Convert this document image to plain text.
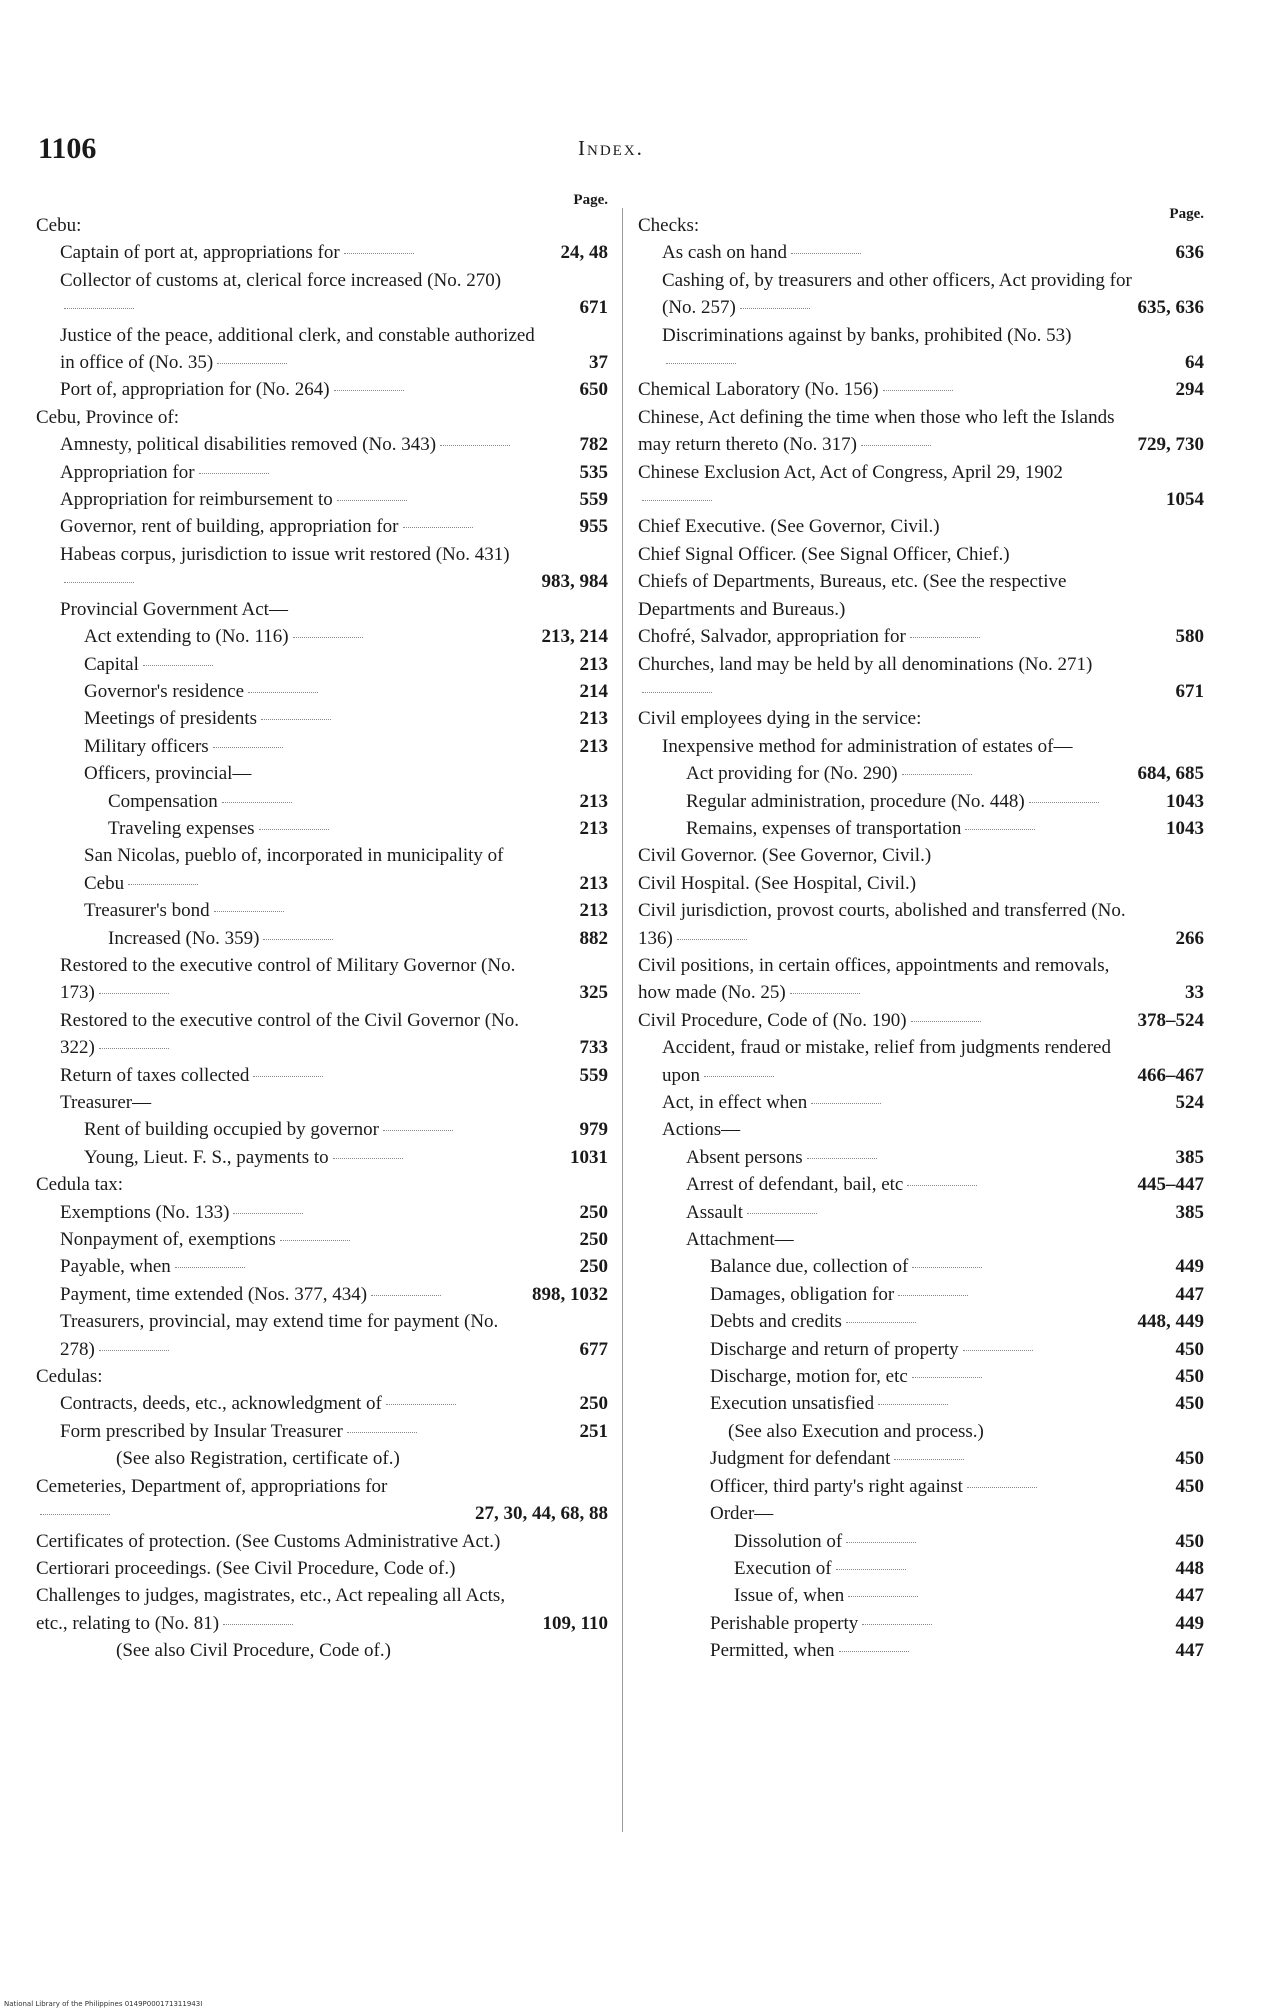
1106	Index.
Page.
Cebu:
Captain of port at, appropriations for	24, 48
Collector of customs at, clerical force increased (No. 270)
671
Justice of the peace, additional clerk, and constable authorized in office of (No. 35)	37
Port of, appropriation for (No. 264)	650
Cebu, Province of:
Amnesty, political disabilities removed (No. 343)	782
Appropriation for	535
Appropriation for reimbursement to	559
Governor, rent of building, appropriation for	955
Habeas corpus, jurisdiction to issue writ restored (No. 431)
983, 984
Provincial Government Act—
Act extending to (No. 116)	213, 214
Capital	213
Governor's residence	214
Meetings of presidents	213
Military officers	213
Officers, provincial—
Compensation	213
Traveling expenses	213
San Nicolas, pueblo of, incorporated in municipality of Cebu	213
Treasurer's bond	213
Increased (No. 359)	882
Restored to the executive control of Military Governor (No. 173)	325
Restored to the executive control of the Civil Governor (No. 322)	733
Return of taxes collected	559
Treasurer—
Rent of building occupied by governor	979
Young, Lieut. F. S., payments to	1031
Cedula tax:
Exemptions (No. 133)	250
Nonpayment of, exemptions	250
Payable, when	250
Payment, time extended (Nos. 377, 434)	898, 1032
Treasurers, provincial, may extend time for payment (No. 278)	677
Cedulas:
Contracts, deeds, etc., acknowledgment of	250
Form prescribed by Insular Treasurer	251
(See also Registration, certificate of.)
Cemeteries, Department of, appropriations for
27, 30, 44, 68, 88
Certificates of protection. (See Customs Administrative Act.)
Certiorari proceedings. (See Civil Procedure, Code of.)
Challenges to judges, magistrates, etc., Act repealing all Acts, etc., relating to (No. 81)	109, 110
(See also Civil Procedure, Code of.)
Page.
Checks:
As cash on hand	636
Cashing of, by treasurers and other officers, Act providing for (No. 257)	635, 636
Discriminations against by banks, prohibited (No. 53)
64
Chemical Laboratory (No. 156)	294
Chinese, Act defining the time when those who left the Islands may return thereto (No. 317)	729, 730
Chinese Exclusion Act, Act of Congress, April 29, 1902
1054
Chief Executive. (See Governor, Civil.)
Chief Signal Officer. (See Signal Officer, Chief.)
Chiefs of Departments, Bureaus, etc. (See the respective Departments and Bureaus.)
Chofré, Salvador, appropriation for	580
Churches, land may be held by all denominations (No. 271)
671
Civil employees dying in the service:
Inexpensive method for administration of estates of—
Act providing for (No. 290)	684, 685
Regular administration, procedure (No. 448)	1043
Remains, expenses of transportation	1043
Civil Governor. (See Governor, Civil.)
Civil Hospital. (See Hospital, Civil.)
Civil jurisdiction, provost courts, abolished and transferred (No. 136)	266
Civil positions, in certain offices, appointments and removals, how made (No. 25)	33
Civil Procedure, Code of (No. 190)	378–524
Accident, fraud or mistake, relief from judgments rendered upon	466–467
Act, in effect when	524
Actions—
Absent persons	385
Arrest of defendant, bail, etc	445–447
Assault	385
Attachment—
Balance due, collection of	449
Damages, obligation for	447
Debts and credits	448, 449
Discharge and return of property	450
Discharge, motion for, etc	450
Execution unsatisfied	450
(See also Execution and process.)
Judgment for defendant	450
Officer, third party's right against	450
Order—
Dissolution of	450
Execution of	448
Issue of, when	447
Perishable property	449
Permitted, when	447
National Library of the Philippines 0149P000171311943I
